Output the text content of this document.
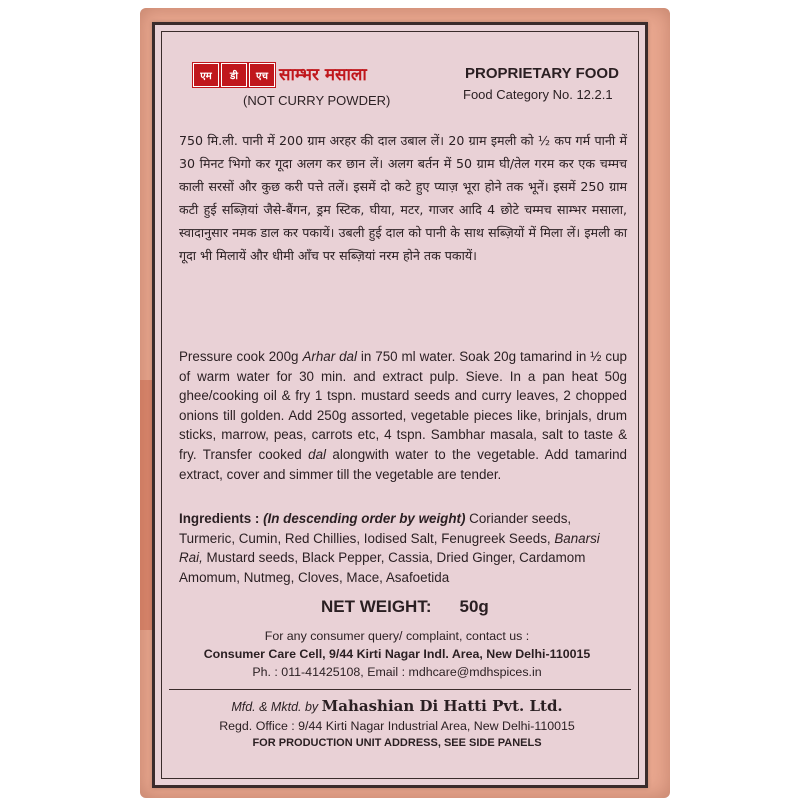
एम	डी	एच साम्भर मसाला
(NOT CURRY POWDER)
PROPRIETARY FOOD
Food Category No. 12.2.1
750 मि.ली. पानी में 200 ग्राम अरहर की दाल उबाल लें। 20 ग्राम इमली को ½ कप गर्म पानी में 30 मिनट भिगो कर गूदा अलग कर छान लें। अलग बर्तन में 50 ग्राम घी/तेल गरम कर एक चम्मच काली सरसों और कुछ करी पत्ते तलें। इसमें दो कटे हुए प्याज़ भूरा होने तक भूनें। इसमें 250 ग्राम कटी हुई सब्ज़ियां जैसे-बैंगन, ड्रम स्टिक, घीया, मटर, गाजर आदि 4 छोटे चम्मच साम्भर मसाला, स्वादानुसार नमक डाल कर पकायें। उबली हुई दाल को पानी के साथ सब्ज़ियों में मिला लें। इमली का गूदा भी मिलायें और धीमी आँच पर सब्ज़ियां नरम होने तक पकायें।
Pressure cook 200g Arhar dal in 750 ml water. Soak 20g tamarind in ½ cup of warm water for 30 min. and extract pulp. Sieve. In a pan heat 50g ghee/cooking oil & fry 1 tspn. mustard seeds and curry leaves, 2 chopped onions till golden. Add 250g assorted, vegetable pieces like, brinjals, drum sticks, marrow, peas, carrots etc, 4 tspn. Sambhar masala, salt to taste & fry. Transfer cooked dal alongwith water to the vegetable. Add tamarind extract, cover and simmer till the vegetable are tender.
Ingredients : (In descending order by weight) Coriander seeds, Turmeric, Cumin, Red Chillies, Iodised Salt, Fenugreek Seeds, Banarsi Rai, Mustard seeds, Black Pepper, Cassia, Dried Ginger, Cardamom Amomum, Nutmeg, Cloves, Mace, Asafoetida
NET WEIGHT: 50g
For any consumer query/ complaint, contact us :
Consumer Care Cell, 9/44 Kirti Nagar Indl. Area, New Delhi-110015
Ph. : 011-41425108, Email : mdhcare@mdhspices.in
Mfd. & Mktd. by Mahashian Di Hatti Pvt. Ltd.
Regd. Office : 9/44 Kirti Nagar Industrial Area, New Delhi-110015
FOR PRODUCTION UNIT ADDRESS, SEE SIDE PANELS
